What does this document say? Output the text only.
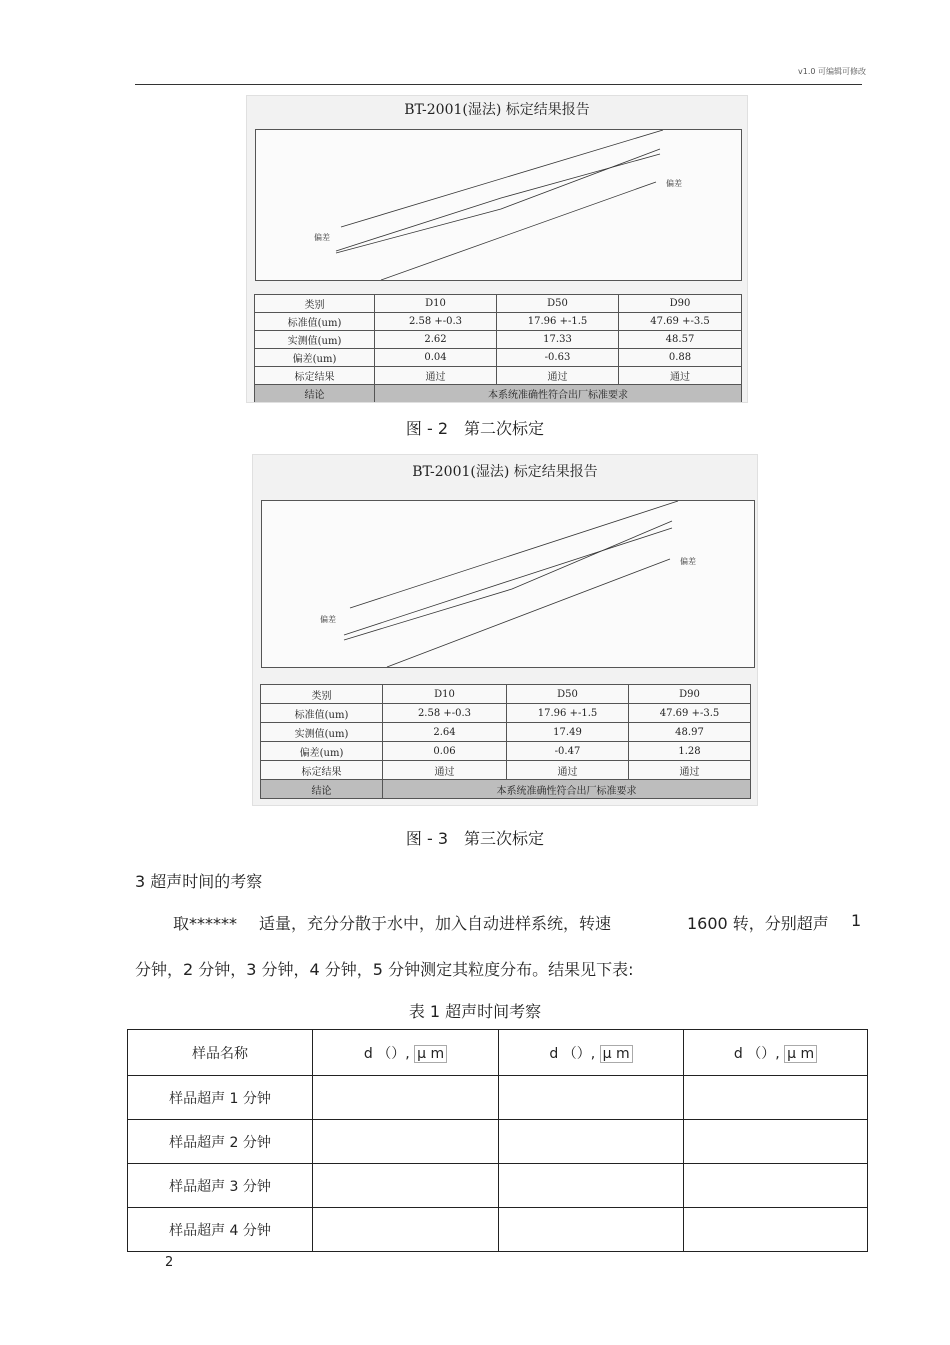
v1.0 可编辑可修改
BT-2001(湿法) 标定结果报告
偏差
偏差
类别	D10	D50	D90
标准值(um)	2.58 +-0.3	17.96 +-1.5	47.69 +-3.5
实测值(um)	2.62	17.33	48.57
偏差(um)	0.04	-0.63	0.88
标定结果	通过	通过	通过
结论	本系统准确性符合出厂标准要求		
图 - 2　第二次标定
BT-2001(湿法) 标定结果报告
偏差
偏差
类别	D10	D50	D90
标准值(um)	2.58 +-0.3	17.96 +-1.5	47.69 +-3.5
实测值(um)	2.64	17.49	48.97
偏差(um)	0.06	-0.47	1.28
标定结果	通过	通过	通过
结论	本系统准确性符合出厂标准要求		
图 - 3　第三次标定
3 超声时间的考察
取****** 适量，充分分散于水中，加入自动进样系统，转速	1600 转，分别超声 1
分钟，2 分钟，3 分钟，4 分钟，5 分钟测定其粒度分布。结果见下表:
表 1 超声时间考察
样品名称	d （）, μ m	d （）, μ m	d （）, μ m
样品超声 1 分钟			
样品超声 2 分钟			
样品超声 3 分钟			
样品超声 4 分钟			
2
